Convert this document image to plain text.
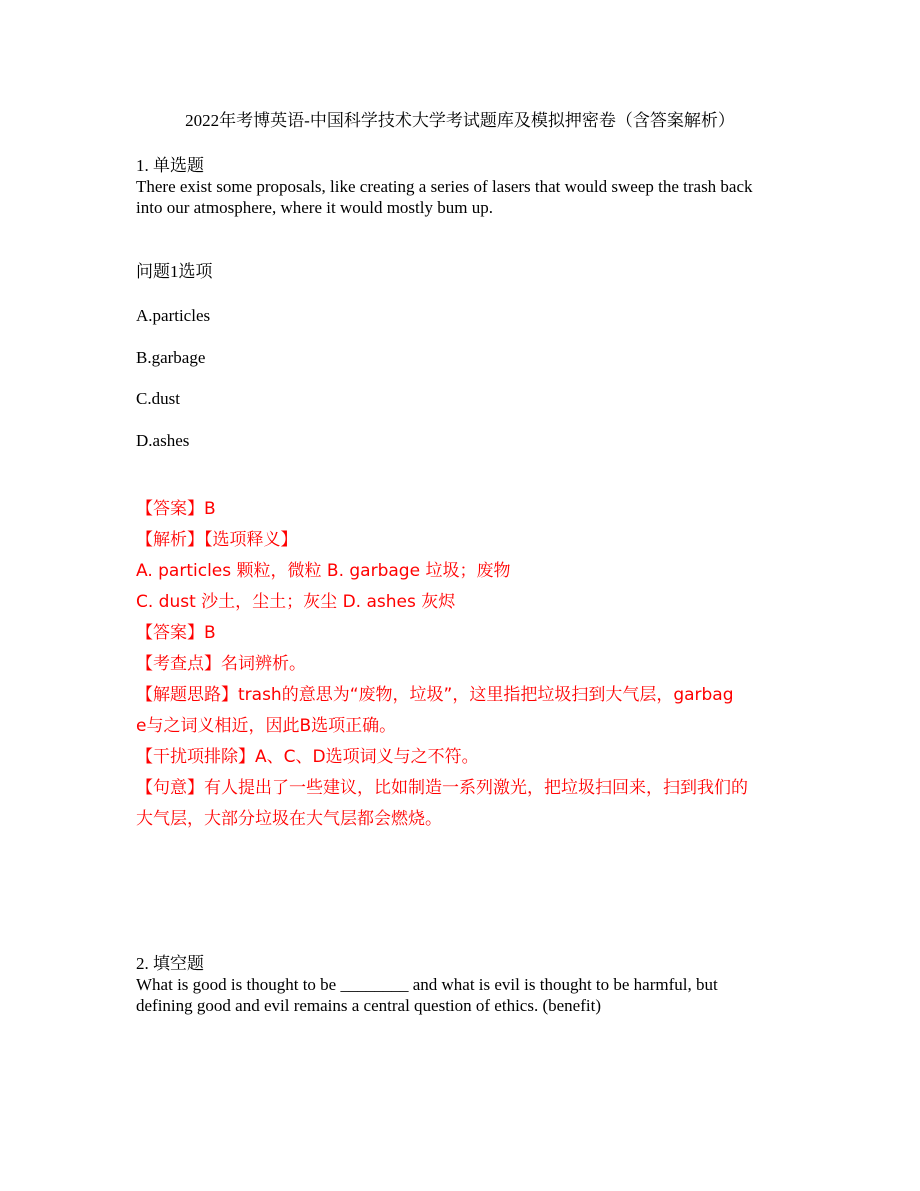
2022年考博英语-中国科学技术大学考试题库及模拟押密卷（含答案解析）
1. 单选题
There exist some proposals, like creating a series of lasers that would sweep the trash back into our atmosphere, where it would mostly bum up.
问题1选项
A.particles
B.garbage
C.dust
D.ashes
【答案】B
【解析】【选项释义】
A. particles 颗粒，微粒 B. garbage 垃圾；废物
C. dust 沙土，尘土；灰尘 D. ashes 灰烬
【答案】B
【考查点】名词辨析。
【解题思路】trash的意思为“废物，垃圾”，这里指把垃圾扫到大气层，garbag
e与之词义相近，因此B选项正确。
【干扰项排除】A、C、D选项词义与之不符。
【句意】有人提出了一些建议，比如制造一系列激光，把垃圾扫回来，扫到我们的
大气层，大部分垃圾在大气层都会燃烧。
2. 填空题
What is good is thought to be ________ and what is evil is thought to be harmful, but defining good and evil remains a central question of ethics. (benefit)
